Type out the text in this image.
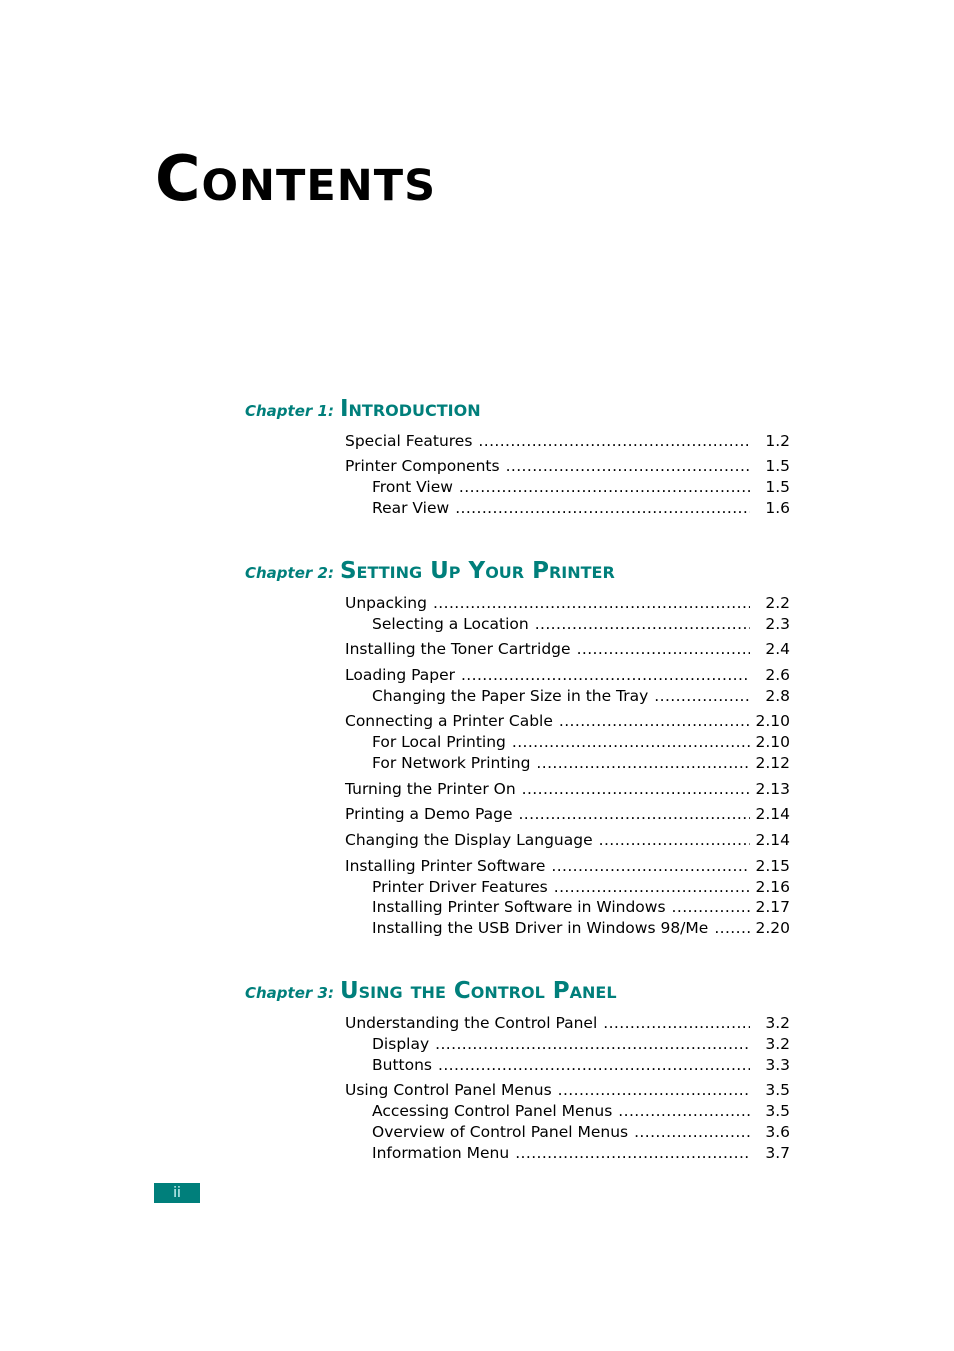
Contents
Chapter 1: Introduction
Special Features .....	1.2
Printer Components .....	1.5
Front View .....	1.5
Rear View .....	1.6
Chapter 2: Setting Up Your Printer
Unpacking .....	2.2
Selecting a Location .....	2.3
Installing the Toner Cartridge .....	2.4
Loading Paper .....	2.6
Changing the Paper Size in the Tray .....	2.8
Connecting a Printer Cable .....	2.10
For Local Printing .....	2.10
For Network Printing .....	2.12
Turning the Printer On .....	2.13
Printing a Demo Page .....	2.14
Changing the Display Language .....	2.14
Installing Printer Software .....	2.15
Printer Driver Features .....	2.16
Installing Printer Software in Windows .....	2.17
Installing the USB Driver in Windows 98/Me .....	2.20
Chapter 3: Using the Control Panel
Understanding the Control Panel .....	3.2
Display .....	3.2
Buttons .....	3.3
Using Control Panel Menus .....	3.5
Accessing Control Panel Menus .....	3.5
Overview of Control Panel Menus .....	3.6
Information Menu .....	3.7
ii
